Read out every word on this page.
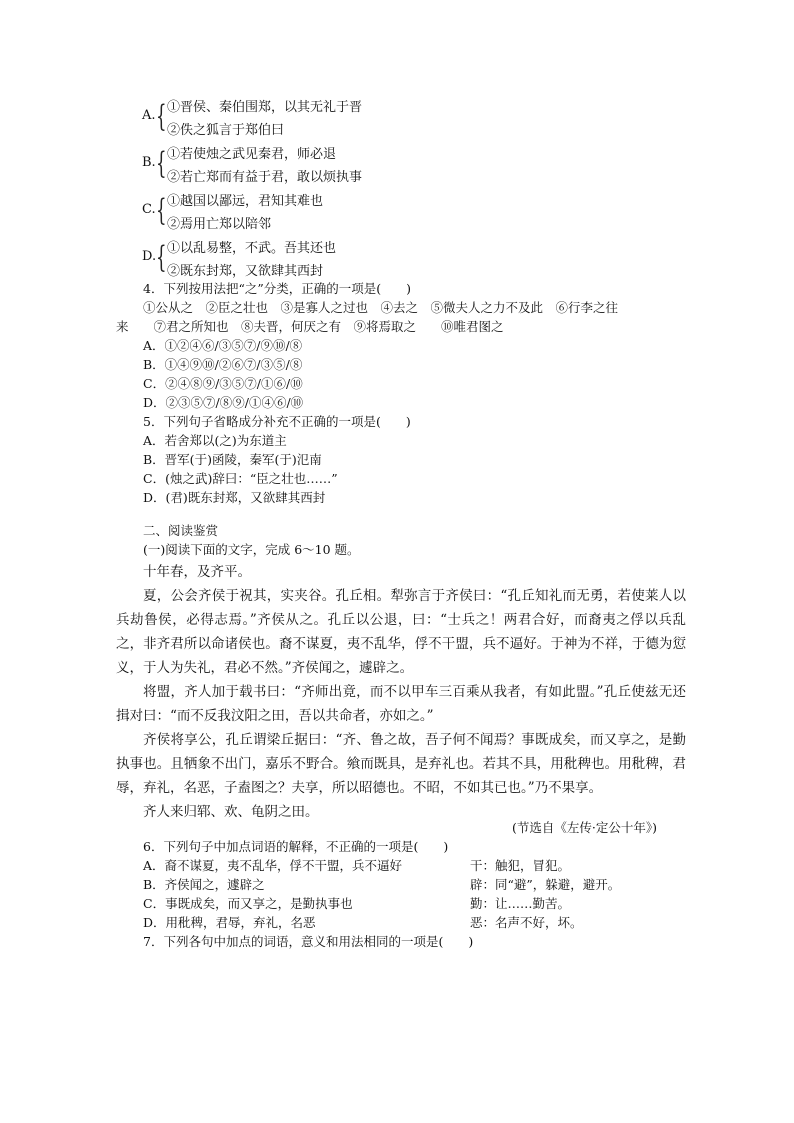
A. { ①晋侯、秦伯围郑，以其无礼于晋
②佚之狐言于郑伯曰
B. { ①若使烛之武见秦君，师必退
②若亡郑而有益于君，敢以烦执事
C. { ①越国以鄙远，君知其难也
②焉用亡郑以陪邻
D. { ①以乱易整，不武。吾其还也
②既东封郑，又欲肆其西封
4．下列按用法把“之”分类，正确的一项是(　　)
①公从之　②臣之壮也　③是寡人之过也　④去之　⑤微夫人之力不及此　⑥行李之往
来　　⑦君之所知也　⑧夫晋，何厌之有　⑨将焉取之　　⑩唯君图之
A．①②④⑥/③⑤⑦/⑨⑩/⑧
B．①④⑨⑩/②⑥⑦/③⑤/⑧
C．②④⑧⑨/③⑤⑦/①⑥/⑩
D．②③⑤⑦/⑧⑨/①④⑥/⑩
5．下列句子省略成分补充不正确的一项是(　　)
A．若舍郑以(之)为东道主
B．晋军(于)函陵，秦军(于)氾南
C．(烛之武)辞曰：“臣之壮也……”
D．(君)既东封郑，又欲肆其西封
二、阅读鉴赏
(一)阅读下面的文字，完成 6～10 题。
十年春，及齐平。
夏，公会齐侯于祝其，实夹谷。孔丘相。犁弥言于齐侯曰：“孔丘知礼而无勇，若使莱人以兵劫鲁侯，必得志焉。”齐侯从之。孔丘以公退，曰：“士兵之！两君合好，而裔夷之俘以兵乱之，非齐君所以命诸侯也。裔不谋夏，夷不乱华，俘不干盟，兵不逼好。于神为不祥，于德为愆义，于人为失礼，君必不然。”齐侯闻之，遽辟之。
将盟，齐人加于载书曰：“齐师出竟，而不以甲车三百乘从我者，有如此盟。”孔丘使兹无还揖对曰：“而不反我汶阳之田，吾以共命者，亦如之。”
齐侯将享公，孔丘谓梁丘据曰：“齐、鲁之故，吾子何不闻焉？事既成矣，而又享之，是勤执事也。且牺象不出门，嘉乐不野合。飨而既具，是弃礼也。若其不具，用秕稗也。用秕稗，君辱，弃礼，名恶，子盍图之？夫享，所以昭德也。不昭，不如其已也。”乃不果享。
齐人来归郓、欢、龟阴之田。
(节选自《左传·定公十年》)
6．下列句子中加点词语的解释，不正确的一项是(　　)
A．裔不谋夏，夷不乱华，俘不干盟，兵不逼好	干：触犯，冒犯。
B．齐侯闻之，遽辟之	辟：同“避”，躲避，避开。
C．事既成矣，而又享之，是勤执事也	勤：让……勤苦。
D．用秕稗，君辱，弃礼，名恶	恶：名声不好，坏。
7．下列各句中加点的词语，意义和用法相同的一项是(　　)
